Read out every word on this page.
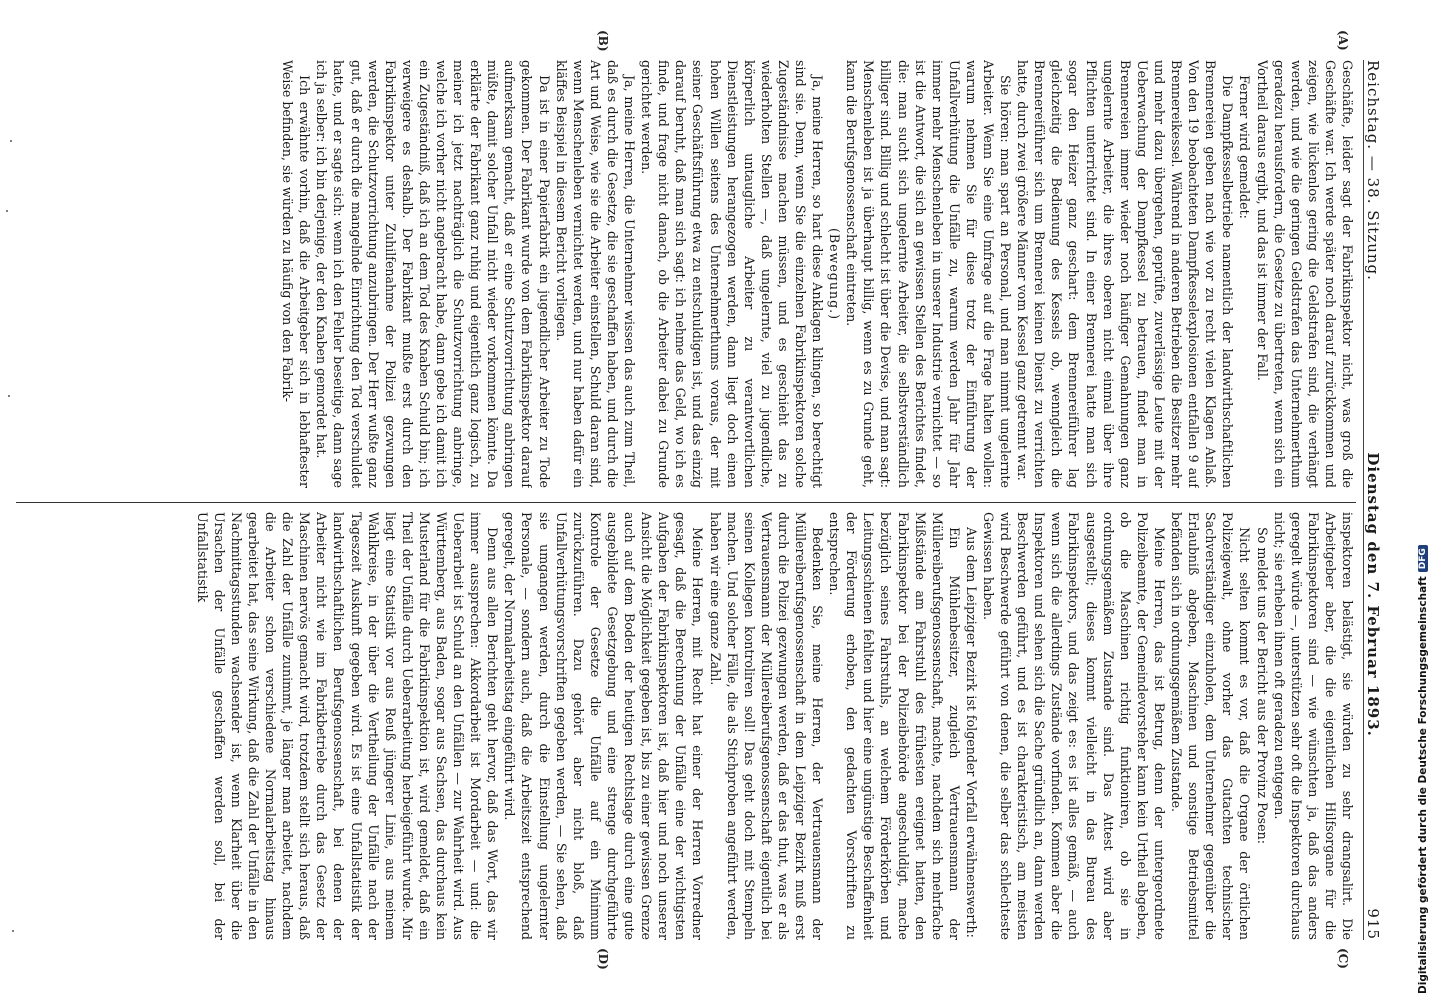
Reichstag. — 38. Sitzung.
Dienstag den 7. Februar 1893.
915
(A)
(B)
(C)
(D)

Geschäfte, leider sagt der Fabrikinspektor nicht, was groß die Geschäfte war. Ich werde später noch darauf zurückkommen und zeigen, wie lückenlos gering die Geldstrafen sind, die verhängt werden, und wie die geringen Geldstrafen das Unternehmerthum geradezu herausfordern, die Gesetze zu übertreten, wenn sich ein Vortheil daraus ergibt, und das ist immer der Fall.

Ferner wird gemeldet:

Die Dampfkesselbetriebe namentlich der landwirthschaftlichen Brennereien geben nach wie vor zu recht vielen Klagen Anlaß. Von den 19 beobachteten Dampfkesselexplosionen entfallen 9 auf Brennereikessel. Während in anderen Betrieben die Besitzer mehr und mehr dazu übergehen, geprüfte, zuverlässige Leute mit der Ueberwachung der Dampfkessel zu betrauen, findet man in Brennereien immer wieder noch häufiger Gemahnungen ganz ungelernte Arbeiter, die ihres oberen nicht einmal über ihre Pflichten unterrichtet sind. In einer Brennerei hatte man sich sogar den Heizer ganz geschart: dem Brennereiführer lag gleichzeitig die Bedienung des Kessels ob, wenngleich die Brennereiführer sich um Brennerei keinen Dienst zu verrichten hatte, durch zwei größere Männer vom Kessel ganz getrennt war.

Sie hören: man spart an Personal, und man nimmt ungelernte Arbeiter. Wenn Sie eine Umfrage auf die Frage halten wollen: warum nehmen Sie für diese trotz der Einführung der Unfallverhütung die Unfälle zu, warum werden Jahr für Jahr immer mehr Menschenleben in unserer Industrie vernichtet — so ist die Antwort, die sich an gewissen Stellen des Berichtes findet, die: man sucht sich ungelernte Arbeiter, die selbstverständlich billiger sind. Billig und schlecht ist über die Devise, und man sagt: Menschenleben ist ja überhaupt billig, wenn es zu Grunde geht, kann die Berufsgenossenschaft eintreten.

(Bewegung.)

Ja, meine Herren, so hart diese Anklagen klingen, so berechtigt sind sie. Denn, wenn Sie die einzelnen Fabrikinspektoren solche Zugeständnisse machen müssen, und es geschieht das zu wiederholten Stellen —, daß ungelernte, viel zu jugendliche, körperlich untaugliche Arbeiter zu verantwortlichen Dienstleistungen herangezogen werden, dann liegt doch einen hohen Willen seitens des Unternehmerthums voraus, der mit seiner Geschäftsführung etwa zu entschuldigen ist, und das einzig darauf beruht, daß man sich sagt: ich nehme das Geld, wo ich es finde, und frage nicht danach, ob die Arbeiter dabei zu Grunde gerichtet werden.

Ja, meine Herren, die Unternehmer wissen das auch zum Theil, daß es durch die Gesetze, die sie geschaffen haben, und durch die Art und Weise, wie sie die Arbeiter einstellen, Schuld daran sind, wenn Menschenleben vernichtet werden, und nur haben dafür ein kläffes Beispiel in diesem Bericht vorliegen.

Da ist in einer Papierfabrik ein jugendlicher Arbeiter zu Tode gekommen. Der Fabrikant wurde von dem Fabrikinspektor darauf aufmerksam gemacht, daß er eine Schutzvorrichtung anbringen müßte, damit solcher Unfall nicht wieder vorkommen könnte. Da erklärte der Fabrikant ganz ruhig und eigentlich ganz logisch, zu meiner ich jetzt nachträglich die Schutzvorrichtung anbringe, welche ich vorher nicht angebracht habe, dann gebe ich damit ich ein Zugeständniß, daß ich an dem Tod des Knaben Schuld bin; ich verweigere es deshalb. Der Fabrikant mußte erst durch den Fabrikinspektor unter Zuhilfenahme der Polizei gezwungen werden, die Schutzvorrichtung anzubringen. Der Herr wußte ganz gut, daß er durch die mangelnde Einrichtung den Tod verschuldet hatte, und er sagte sich: wenn ich den Fehler beseitige, dann sage ich ja selber: ich bin derjenige, der den Knaben gemordet hat.

Ich erwähnte vorhin, daß die Arbeitgeber sich in lebhaftester Weise befinden, sie würden zu häufig von den Fabrik-

inspektoren belästigt, sie würden zu sehr drangsalirt. Die Arbeitgeber aber, die die eigentlichen Hilfsorgane für die Fabrikinspektoren sind — wie wünschten ja, daß das anders geregelt würde —, unterstützen sehr oft die Inspektoren durchaus nicht; sie erheben ihnen oft geradezu entgegen.

So meldet uns der Bericht aus der Provinz Posen:

Nicht selten kommt es vor, daß die Organe der örtlichen Polizeigewalt, ohne vorher das Gutachten technischer Sachverständiger einzuholen, dem Unternehmer gegenüber die Erlaubniß abgeben, Maschinen und sonstige Betriebsmittel befänden sich in ordnungsgemäßem Zustande.

Meine Herren, das ist Betrug, denn der untergeordnete Polizeibeamte, der Gemeindevorsteher kann kein Urtheil abgeben, ob die Maschinen richtig funktioniren, ob sie in ordnungsgemäßem Zustande sind. Das Attest wird aber ausgestellt; dieses kommt vielleicht in das Bureau des Fabrikinspektors, und das zeigt es: es ist alles gemäß, — auch wenn sich die allerdings Zustände vorfinden. Kommen aber die Inspektoren und sehen sich die Sache gründlich an, dann werden Beschwerden geführt, und es ist charakteristisch, am meisten wird Beschwerde geführt von denen, die selber das schlechteste Gewissen haben.

Aus dem Leipziger Bezirk ist folgender Vorfall erwähnenswerth:

Ein Mühlenbesitzer, zugleich Vertrauensmann der Müllereiberufsgenossenschaft, machte, nachdem sich mehrfache Mißstände am Fahrstuhl des frühesten ereignet hatten, den Fabrikinspektor bei der Polizeibehörde angeschuldigt, mache bezüglich seines Fahrstuhls, an welchem Förderkörben und Leitungsschienen fehlten und hier eine ungünstige Beschaffenheit der Förderung erhoben, den gedachten Vorschriften zu entsprechen.

Bedenken Sie, meine Herren, der Vertrauensmann der Müllereiberufsgenossenschaft in dem Leipziger Bezirk muß erst durch die Polizei gezwungen werden, daß er das thut, was er als Vertrauensmann der Müllereiberufsgenossenschaft eigentlich bei seinen Kollegen kontroliren soll! Das geht doch mit Stempeln machen. Und solcher Fälle, die als Stichproben angeführt werden, haben wir eine ganze Zahl.

Meine Herren, mit Recht hat einer der Herren Vorredner gesagt, daß die Berechnung der Unfälle eine der wichtigsten Aufgaben der Fabrikinspektoren ist, daß hier und noch unserer Ansicht die Möglichkeit gegeben ist, bis zu einer gewissen Grenze auch auf dem Boden der heutigen Rechtslage durch eine gute ausgebildete Gesetzgebung und eine strenge durchgeführte Kontrole der Gesetze die Unfälle auf ein Minimum zurückzuführen. Dazu gehört aber nicht bloß, daß Unfallverhütungsvorschriften gegeben werden, — Sie sehen, daß sie umgangen werden, durch die Einstellung ungelernter Personale, — sondern auch, daß die Arbeitszeit entsprechend geregelt, der Normalarbeitstag eingeführt wird.

Denn aus allen Berichten geht hervor, daß das Wort, das wir immer aussprechen: Akkordarbeit ist Mordarbeit — und: die Ueberarbeit ist Schuld an den Unfällen — zur Wahrheit wird. Aus Württemberg, aus Baden, sogar aus Sachsen, das durchaus kein Musterland für die Fabrikinspektion ist, wird gemeldet, daß ein Theil der Unfälle durch Ueberarbeitung herbeigeführt wurde. Mir liegt eine Statistik vor aus Reuß jüngerer Linie, aus meinem Wahlkreise, in der über die Vertheilung der Unfälle nach der Tageszeit Auskunft gegeben wird. Es ist eine Unfallstatistik der landwirthschaftlichen Berufsgenossenschaft, bei denen der Arbeiter nicht wie im Fabrikbetriebe durch das Gesetz der Maschinen nervös gemacht wird, trotzdem stellt sich heraus, daß die Zahl der Unfälle zunimmt, je länger man arbeitet, nachdem die Arbeiter schon verschiedene Normalarbeitstag hinaus gearbeitet hat, das seine Wirkung, daß die Zahl der Unfälle in den Nachmittagsstunden wachsender ist, wenn Klarheit über die Ursachen der Unfälle geschaffen werden soll, bei der Unfallstatistik

Digitalisierung gefördert durch die Deutsche Forschungsgemeinschaft
DFG
